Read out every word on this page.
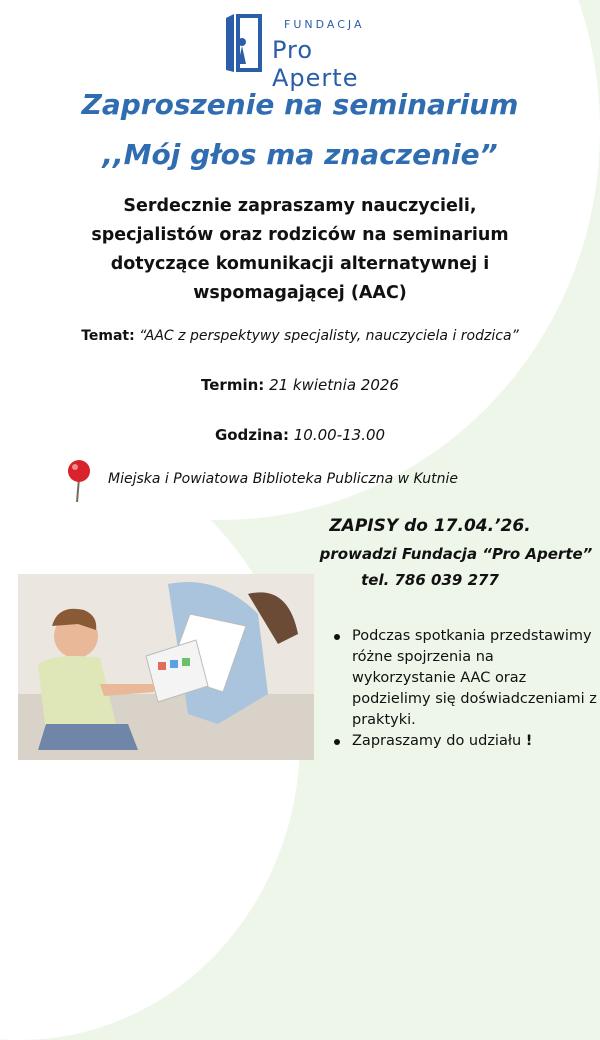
FUNDACJA
Pro Aperte
Zaproszenie na seminarium
,,Mój głos ma znaczenie”
Serdecznie zapraszamy nauczycieli, specjalistów oraz rodziców na seminarium dotyczące komunikacji alternatywnej i wspomagającej (AAC)
Temat: “AAC z perspektywy specjalisty, nauczyciela i rodzica”
Termin: 21 kwietnia 2026
Godzina: 10.00-13.00
Miejska i Powiatowa Biblioteka Publiczna w Kutnie
ZAPISY do 17.04.’26.
prowadzi Fundacja “Pro Aperte”
tel. 786 039 277
Podczas spotkania przedstawimy różne spojrzenia na wykorzystanie AAC oraz podzielimy się doświadczeniami z praktyki.
Zapraszamy do udziału !
